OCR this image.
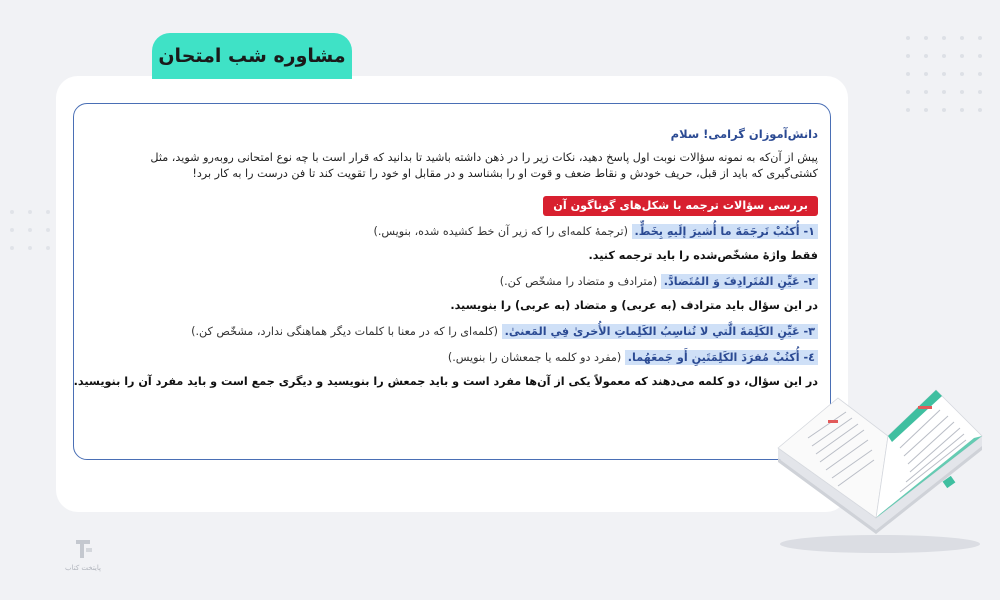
مشاوره شب امتحان
دانش‌آموزان گرامی! سلام
پیش از آن‌که به نمونه سؤالات نوبت اول پاسخ دهید، نکات زیر را در ذهن داشته باشید تا بدانید که قرار است با چه نوع امتحانی روبه‌رو شوید، مثل
کشتی‌گیری که باید از قبل، حریف خودش و نقاط ضعف و قوت او را بشناسد و در مقابل او خود را تقویت کند تا فن درست را به کار برد!
بررسی سؤالات ترجمه با شکل‌های گوناگون آن
١- أُكتُبْ تَرجَمَةَ ما أُشيرَ إلَيهِ بِخَطٍّ. (ترجمهٔ کلمه‌ای را که زیر آن خط کشیده شده، بنویس.)
فقط واژهٔ مشخّص‌شده را باید ترجمه کنید.
٢- عَيِّنِ المُتَرادِفَ وَ المُتَضادَّ. (مترادف و متضاد را مشخّص کن.)
در این سؤال باید مترادف (به عربی) و متضاد (به عربی) را بنویسید.
٣- عَيِّنِ الكَلِمَةَ الَّتي لا تُناسِبُ الكَلِماتِ الأُخرىٰ فِي المَعنىٰ. (کلمه‌ای را که در معنا با کلمات دیگر هماهنگی ندارد، مشخّص کن.)
٤- أُكتُبْ مُفرَدَ الكَلِمَتَينِ أَو جَمعَهُما. (مفرد دو کلمه یا جمعشان را بنویس.)
در این سؤال، دو کلمه می‌دهند که معمولاً یکی از آن‌ها مفرد است و باید جمعش را بنویسید و دیگری جمع است و باید مفرد آن را بنویسید.
پایتخت کتاب
